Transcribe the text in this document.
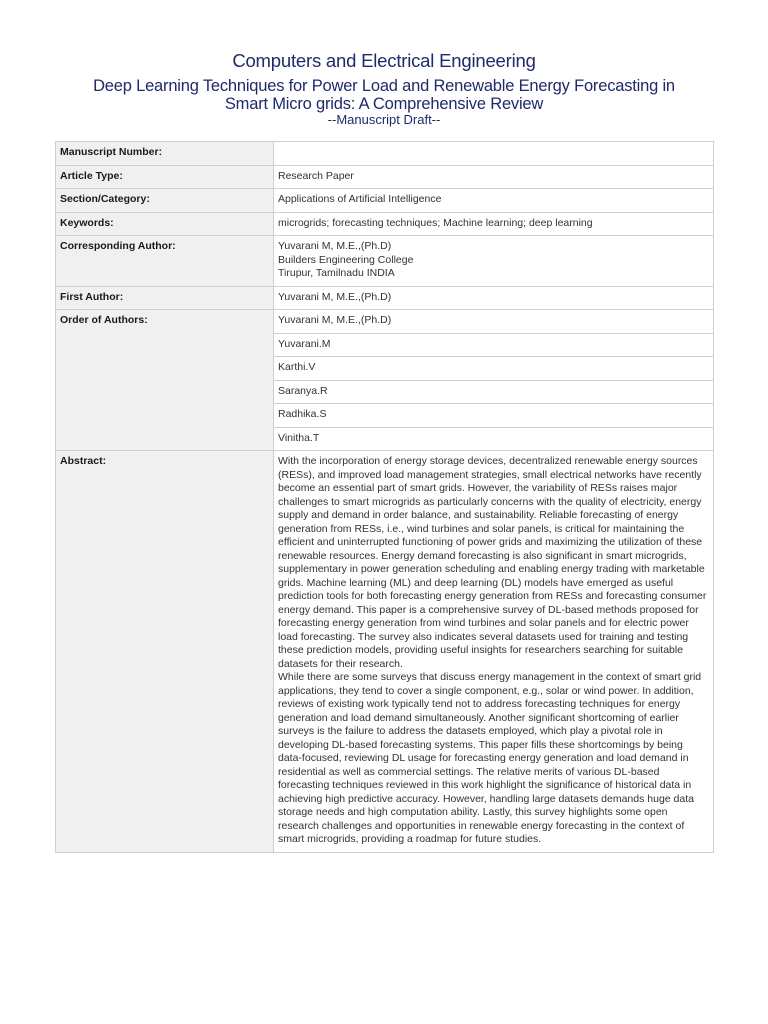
Computers and Electrical Engineering
Deep Learning Techniques for Power Load and Renewable Energy Forecasting in
Smart Micro grids: A Comprehensive Review
--Manuscript Draft--
Manuscript Number:	
Article Type:	Research Paper
Section/Category:	Applications of Artificial Intelligence
Keywords:	microgrids; forecasting techniques; Machine learning; deep learning
Corresponding Author:	Yuvarani M, M.E.,(Ph.D)
Builders Engineering College
Tirupur, Tamilnadu INDIA

First Author:	Yuvarani M, M.E.,(Ph.D)
Order of Authors:	Yuvarani M, M.E.,(Ph.D)
	Yuvarani.M
	Karthi.V
	Saranya.R
	Radhika.S
	Vinitha.T
Abstract:	With the incorporation of energy storage devices, decentralized renewable energy sources (RESs), and improved load management strategies, small electrical networks have recently become an essential part of smart grids. However, the variability of RESs raises major challenges to smart microgrids as particularly concerns with the quality of electricity, energy supply and demand in order balance, and sustainability. Reliable forecasting of energy generation from RESs, i.e., wind turbines and solar panels, is critical for maintaining the efficient and uninterrupted functioning of power grids and maximizing the utilization of these renewable resources. Energy demand forecasting is also significant in smart microgrids, supplementary in power generation scheduling and enabling energy trading with marketable grids. Machine learning (ML) and deep learning (DL) models have emerged as useful prediction tools for both forecasting energy generation from RESs and forecasting consumer energy demand. This paper is a comprehensive survey of DL-based methods proposed for forecasting energy generation from wind turbines and solar panels and for electric power load forecasting. The survey also indicates several datasets used for training and testing these prediction models, providing useful insights for researchers searching for suitable datasets for their research.
While there are some surveys that discuss energy management in the context of smart grid applications, they tend to cover a single component, e.g., solar or wind power. In addition, reviews of existing work typically tend not to address forecasting techniques for energy generation and load demand simultaneously. Another significant shortcoming of earlier surveys is the failure to address the datasets employed, which play a pivotal role in developing DL-based forecasting systems. This paper fills these shortcomings by being data-focused, reviewing DL usage for forecasting energy generation and load demand in residential as well as commercial settings. The relative merits of various DL-based forecasting techniques reviewed in this work highlight the significance of historical data in achieving high predictive accuracy. However, handling large datasets demands huge data storage needs and high computation ability. Lastly, this survey highlights some open research challenges and opportunities in renewable energy forecasting in the context of smart microgrids, providing a roadmap for future studies.
